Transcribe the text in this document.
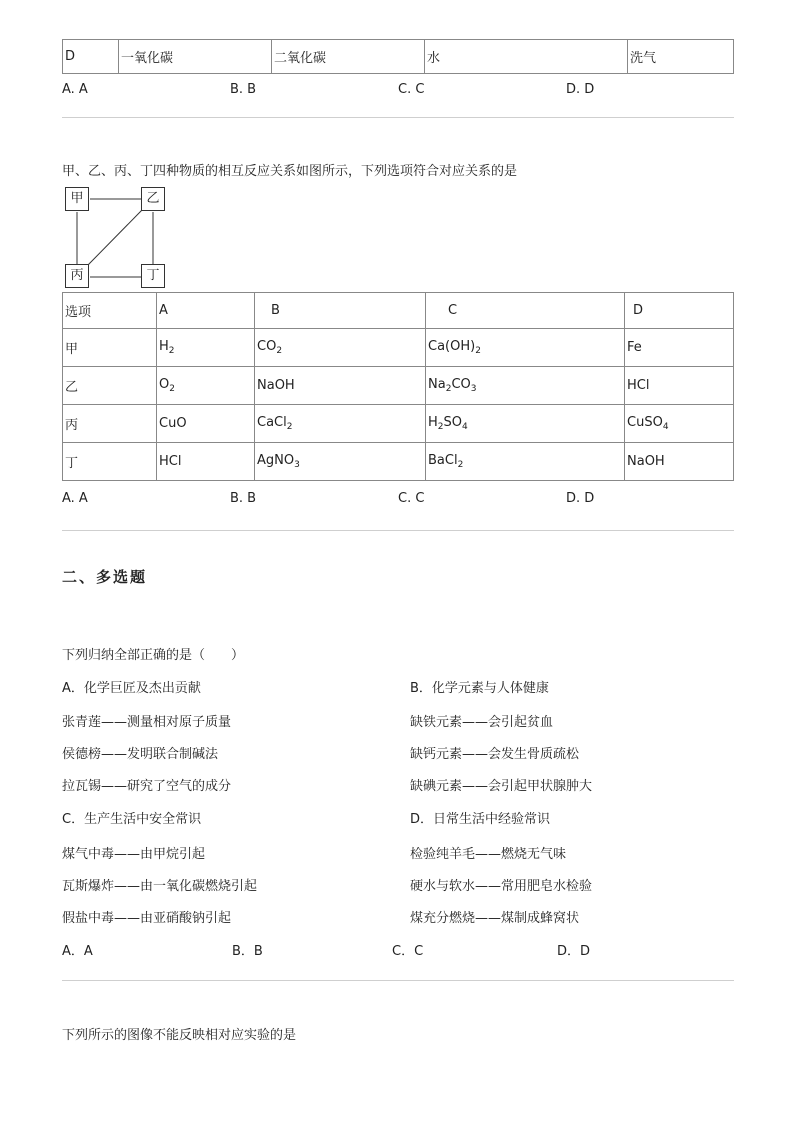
D	一氧化碳	二氧化碳	水	洗气
A. A	B. B	C. C	D. D
甲、乙、丙、丁四种物质的相互反应关系如图所示，下列选项符合对应关系的是
甲	乙
丙	丁
选项	A	B	C	D
甲	$H_2$	$CO_2$	$Ca(OH)_2$	Fe
乙	$O_2$	NaOH	$Na_2CO_3$	HCl
丙	CuO	CaCl$_2$	$H_2SO_4$	CuSO$_4$
丁	HCl	AgNO$_3$	BaCl$_2$	NaOH
A. A	B. B	C. C	D. D
二、多选题
下列归纳全部正确的是（　　）
A．化学巨匠及杰出贡献	B．化学元素与人体健康
张青莲——测量相对原子质量	缺铁元素——会引起贫血
侯德榜——发明联合制碱法	缺钙元素——会发生骨质疏松
拉瓦锡——研究了空气的成分	缺碘元素——会引起甲状腺肿大
C．生产生活中安全常识	D．日常生活中经验常识
煤气中毒——由甲烷引起	检验纯羊毛——燃烧无气味
瓦斯爆炸——由一氧化碳燃烧引起	硬水与软水——常用肥皂水检验
假盐中毒——由亚硝酸钠引起	煤充分燃烧——煤制成蜂窝状
A．A	B．B	C．C	D．D
下列所示的图像不能反映相对应实验的是
